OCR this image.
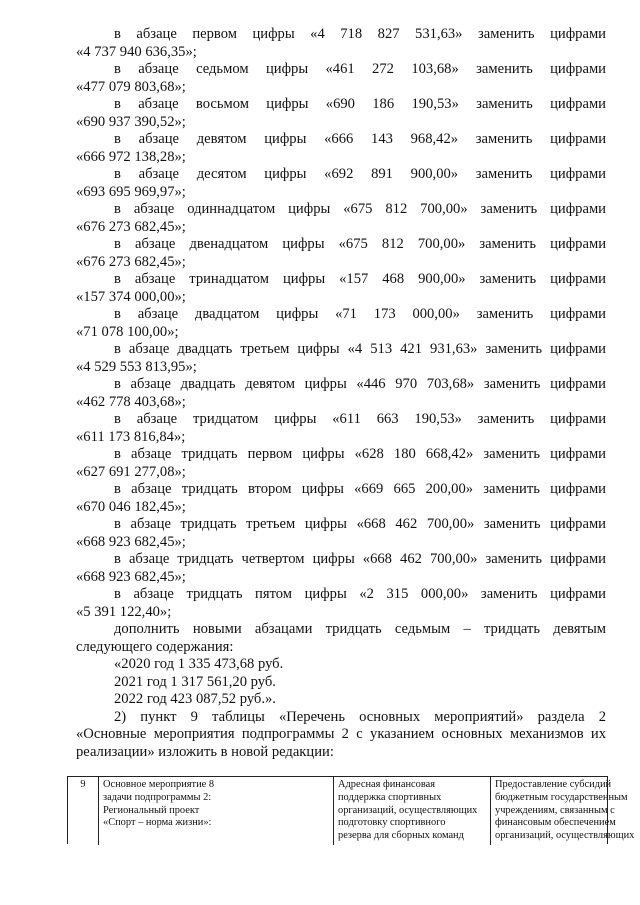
в абзаце первом цифры «4 718 827 531,63» заменить цифрами
«4 737 940 636,35»;
в абзаце седьмом цифры «461 272 103,68» заменить цифрами
«477 079 803,68»;
в абзаце восьмом цифры «690 186 190,53» заменить цифрами
«690 937 390,52»;
в абзаце девятом цифры «666 143 968,42» заменить цифрами
«666 972 138,28»;
в абзаце десятом цифры «692 891 900,00» заменить цифрами
«693 695 969,97»;
в абзаце одиннадцатом цифры «675 812 700,00» заменить цифрами
«676 273 682,45»;
в абзаце двенадцатом цифры «675 812 700,00» заменить цифрами
«676 273 682,45»;
в абзаце тринадцатом цифры «157 468 900,00» заменить цифрами
«157 374 000,00»;
в абзаце двадцатом цифры «71 173 000,00» заменить цифрами
«71 078 100,00»;
в абзаце двадцать третьем цифры «4 513 421 931,63» заменить цифрами
«4 529 553 813,95»;
в абзаце двадцать девятом цифры «446 970 703,68» заменить цифрами
«462 778 403,68»;
в абзаце тридцатом цифры «611 663 190,53» заменить цифрами
«611 173 816,84»;
в абзаце тридцать первом цифры «628 180 668,42» заменить цифрами
«627 691 277,08»;
в абзаце тридцать втором цифры «669 665 200,00» заменить цифрами
«670 046 182,45»;
в абзаце тридцать третьем цифры «668 462 700,00» заменить цифрами
«668 923 682,45»;
в абзаце тридцать четвертом цифры «668 462 700,00» заменить цифрами
«668 923 682,45»;
в абзаце тридцать пятом цифры «2 315 000,00» заменить цифрами
«5 391 122,40»;
дополнить новыми абзацами тридцать седьмым – тридцать девятым
следующего содержания:
«2020 год 1 335 473,68 руб.
2021 год 1 317 561,20 руб.
2022 год 423 087,52 руб.».
2) пункт 9 таблицы «Перечень основных мероприятий» раздела 2
«Основные мероприятия подпрограммы 2 с указанием основных механизмов их
реализации» изложить в новой редакции:
9	Основное мероприятие 8
задачи подпрограммы 2:
Региональный проект
«Спорт – норма жизни»:
Адресная финансовая
поддержка спортивных
организаций, осуществляющих
подготовку спортивного
резерва для сборных команд
Предоставление субсидий
бюджетным государственным
учреждениям, связанным с
финансовым обеспечением
организаций, осуществляющих
